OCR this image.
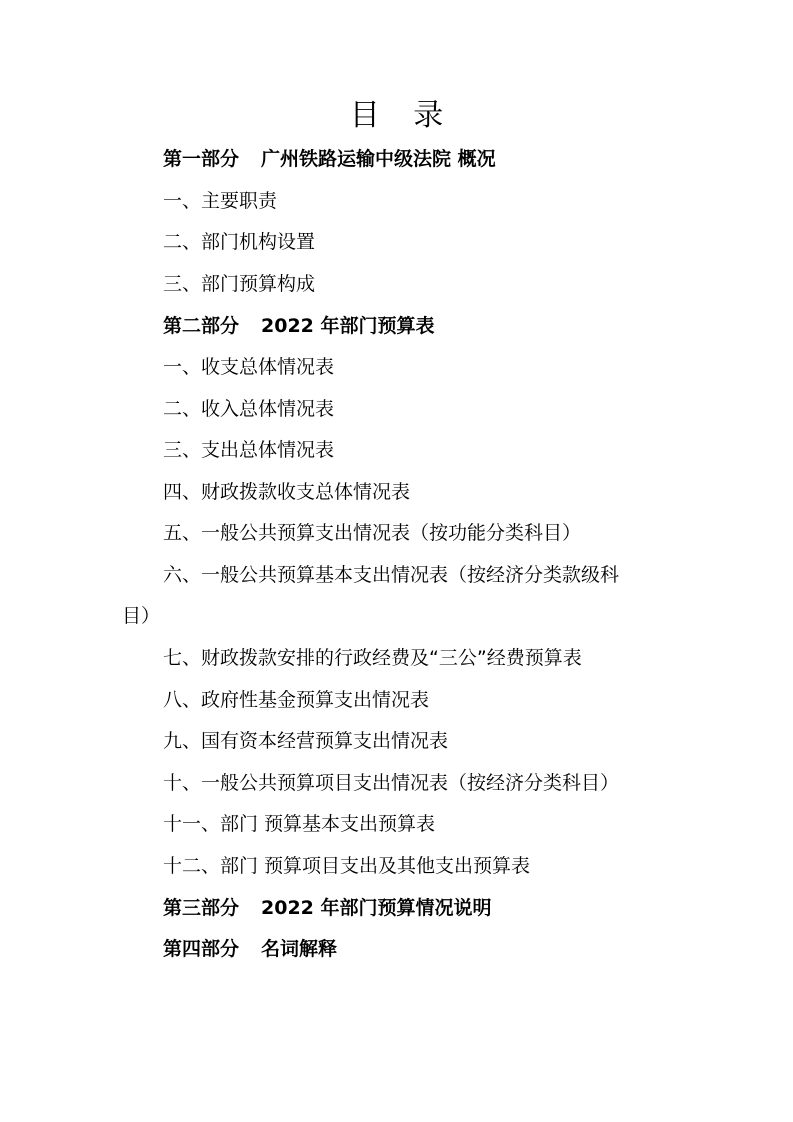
目 录
第一部分 广州铁路运输中级法院 概况
一、主要职责
二、部门机构设置
三、部门预算构成
第二部分 2022 年部门预算表
一、收支总体情况表
二、收入总体情况表
三、支出总体情况表
四、财政拨款收支总体情况表
五、一般公共预算支出情况表（按功能分类科目）
六、一般公共预算基本支出情况表（按经济分类款级科
目）
七、财政拨款安排的行政经费及“三公”经费预算表
八、政府性基金预算支出情况表
九、国有资本经营预算支出情况表
十、一般公共预算项目支出情况表（按经济分类科目）
十一、部门 预算基本支出预算表
十二、部门 预算项目支出及其他支出预算表
第三部分 2022 年部门预算情况说明
第四部分 名词解释
